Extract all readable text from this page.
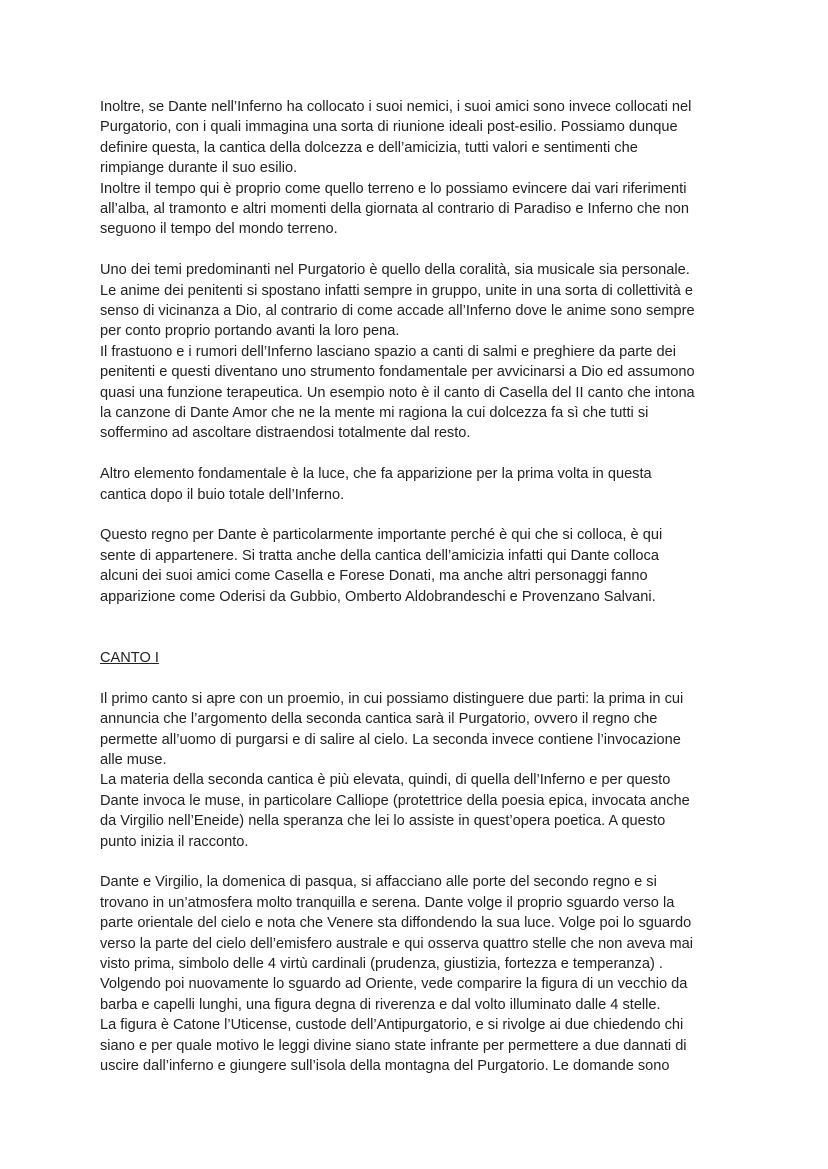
Inoltre, se Dante nell’Inferno ha collocato i suoi nemici, i suoi amici sono invece collocati nel
Purgatorio, con i quali immagina una sorta di riunione ideali post-esilio. Possiamo dunque
definire questa, la cantica della dolcezza e dell’amicizia, tutti valori e sentimenti che
rimpiange durante il suo esilio.

Inoltre il tempo qui è proprio come quello terreno e lo possiamo evincere dai vari riferimenti
all’alba, al tramonto e altri momenti della giornata al contrario di Paradiso e Inferno che non
seguono il tempo del mondo terreno.

Uno dei temi predominanti nel Purgatorio è quello della coralità, sia musicale sia personale.
Le anime dei penitenti si spostano infatti sempre in gruppo, unite in una sorta di collettività e
senso di vicinanza a Dio, al contrario di come accade all’Inferno dove le anime sono sempre
per conto proprio portando avanti la loro pena.

Il frastuono e i rumori dell’Inferno lasciano spazio a canti di salmi e preghiere da parte dei
penitenti e questi diventano uno strumento fondamentale per avvicinarsi a Dio ed assumono
quasi una funzione terapeutica. Un esempio noto è il canto di Casella del II canto che intona
la canzone di Dante Amor che ne la mente mi ragiona la cui dolcezza fa sì che tutti si
soffermino ad ascoltare distraendosi totalmente dal resto.

Altro elemento fondamentale è la luce, che fa apparizione per la prima volta in questa
cantica dopo il buio totale dell’Inferno.

Questo regno per Dante è particolarmente importante perché è qui che si colloca, è qui
sente di appartenere. Si tratta anche della cantica dell’amicizia infatti qui Dante colloca
alcuni dei suoi amici come Casella e Forese Donati, ma anche altri personaggi fanno
apparizione come Oderisi da Gubbio, Omberto Aldobrandeschi e Provenzano Salvani.

CANTO I

Il primo canto si apre con un proemio, in cui possiamo distinguere due parti: la prima in cui
annuncia che l’argomento della seconda cantica sarà il Purgatorio, ovvero il regno che
permette all’uomo di purgarsi e di salire al cielo. La seconda invece contiene l’invocazione
alle muse.

La materia della seconda cantica è più elevata, quindi, di quella dell’Inferno e per questo
Dante invoca le muse, in particolare Calliope (protettrice della poesia epica, invocata anche
da Virgilio nell’Eneide) nella speranza che lei lo assiste in quest’opera poetica. A questo
punto inizia il racconto.

Dante e Virgilio, la domenica di pasqua, si affacciano alle porte del secondo regno e si
trovano in un’atmosfera molto tranquilla e serena. Dante volge il proprio sguardo verso la
parte orientale del cielo e nota che Venere sta diffondendo la sua luce. Volge poi lo sguardo
verso la parte del cielo dell’emisfero australe e qui osserva quattro stelle che non aveva mai
visto prima, simbolo delle 4 virtù cardinali (prudenza, giustizia, fortezza e temperanza) .

Volgendo poi nuovamente lo sguardo ad Oriente, vede comparire la figura di un vecchio da
barba e capelli lunghi, una figura degna di riverenza e dal volto illuminato dalle 4 stelle.

La figura è Catone l’Uticense, custode dell’Antipurgatorio, e si rivolge ai due chiedendo chi
siano e per quale motivo le leggi divine siano state infrante per permettere a due dannati di
uscire dall’inferno e giungere sull’isola della montagna del Purgatorio. Le domande sono
